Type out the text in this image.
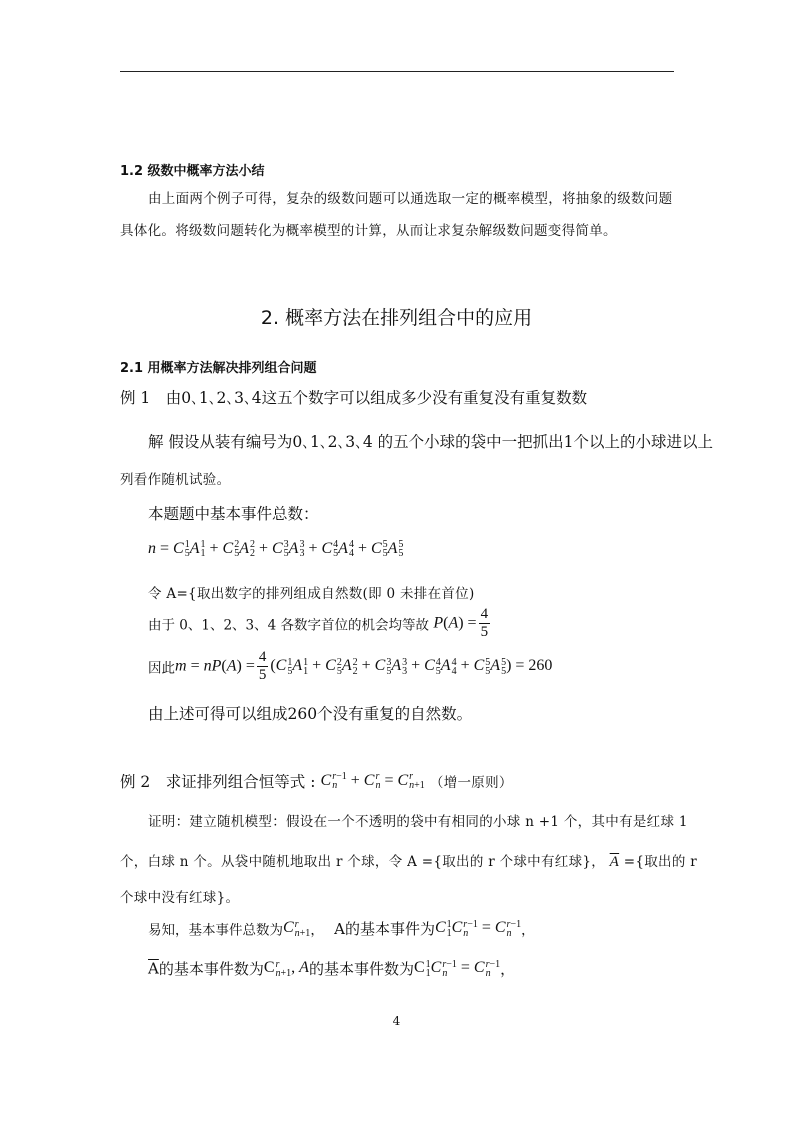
1.2 级数中概率方法小结
由上面两个例子可得，复杂的级数问题可以通选取一定的概率模型，将抽象的级数问题
具体化。将级数问题转化为概率模型的计算，从而让求复杂解级数问题变得简单。
2. 概率方法在排列组合中的应用
2.1 用概率方法解决排列组合问题
例 1　由0､1､2､3､4这五个数字可以组成多少没有重复没有重复数数
解 假设从装有编号为0､1､2､3､4 的五个小球的袋中一把抓出1个以上的小球进以上
列看作随机试验。
本题题中基本事件总数：
n = C 1
5 A 1
1 + C 2
5 A 2
2 + C 3
5 A 3
3 + C 4
5 A 4
4 + C 5
5 A 5
5
令 A={取出数字的排列组成自然数(即 0 未排在首位)
由于 0、1、2、3、4 各数字首位的机会均等故 $P(A) = \frac{4}{5}$
因此$m = nP(A) = \frac{4}{5} (C$ 1
5 A 1
1 + C 2
5 A 2
2 + C 3
5 A 3
3 + C 4
5 A 4
4 + C 5
5 A 5
5 ) = 260
由上述可得可以组成260个没有重复的自然数。
例 2　求证排列组合恒等式 : C r−1
n + C r
n = C r
n+1 （增一原则）
证明：建立随机模型：假设在一个不透明的袋中有相同的小球 n +1 个，其中有是红球 1
个，白球 n 个。从袋中随机地取出 r 个球，令 A ={取出的 r 个球中有红球}， $\overline{A}$ ={取出的 r
个球中没有红球}。
易知，基本事件总数为C r
n+1 ， A的基本事件为C 1
1 C r−1
n = C r−1
n ，
$\overline{A}$的基本事件数为C r
n+1 , A的基本事件数为C 1
1 C r−1
n = C r−1
n ，
4
